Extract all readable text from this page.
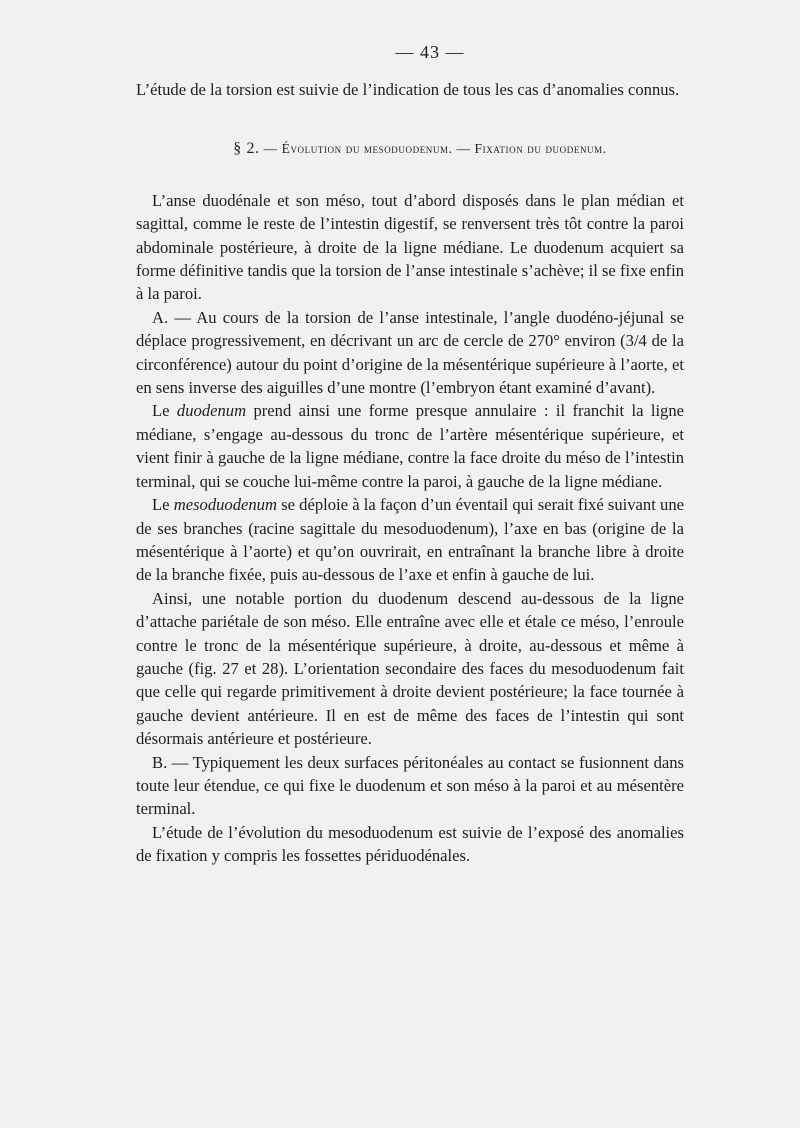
— 43 —

L’étude de la torsion est suivie de l’indication de tous les cas d’anomalies connus.

§ 2. — Évolution du mesoduodenum. — Fixation du duodenum.

L’anse duodénale et son méso, tout d’abord disposés dans le plan médian et sagittal, comme le reste de l’intestin digestif, se renversent très tôt contre la paroi abdominale postérieure, à droite de la ligne médiane. Le duodenum acquiert sa forme définitive tandis que la torsion de l’anse intestinale s’achève; il se fixe enfin à la paroi.

A. — Au cours de la torsion de l’anse intestinale, l’angle duodéno-jéjunal se déplace progressivement, en décrivant un arc de cercle de 270° environ (3/4 de la circonférence) autour du point d’origine de la mésentérique supérieure à l’aorte, et en sens inverse des aiguilles d’une montre (l’embryon étant examiné d’avant).

Le duodenum prend ainsi une forme presque annulaire : il franchit la ligne médiane, s’engage au-dessous du tronc de l’artère mésentérique supérieure, et vient finir à gauche de la ligne médiane, contre la face droite du méso de l’intestin terminal, qui se couche lui-même contre la paroi, à gauche de la ligne médiane.

Le mesoduodenum se déploie à la façon d’un éventail qui serait fixé suivant une de ses branches (racine sagittale du mesoduodenum), l’axe en bas (origine de la mésentérique à l’aorte) et qu’on ouvrirait, en entraînant la branche libre à droite de la branche fixée, puis au-dessous de l’axe et enfin à gauche de lui.

Ainsi, une notable portion du duodenum descend au-dessous de la ligne d’attache pariétale de son méso. Elle entraîne avec elle et étale ce méso, l’enroule contre le tronc de la mésentérique supérieure, à droite, au-dessous et même à gauche (fig. 27 et 28). L’orientation secondaire des faces du mesoduodenum fait que celle qui regarde primitivement à droite devient postérieure; la face tournée à gauche devient antérieure. Il en est de même des faces de l’intestin qui sont désormais antérieure et postérieure.

B. — Typiquement les deux surfaces péritonéales au contact se fusionnent dans toute leur étendue, ce qui fixe le duodenum et son méso à la paroi et au mésentère terminal.

L’étude de l’évolution du mesoduodenum est suivie de l’exposé des anomalies de fixation y compris les fossettes périduodénales.
